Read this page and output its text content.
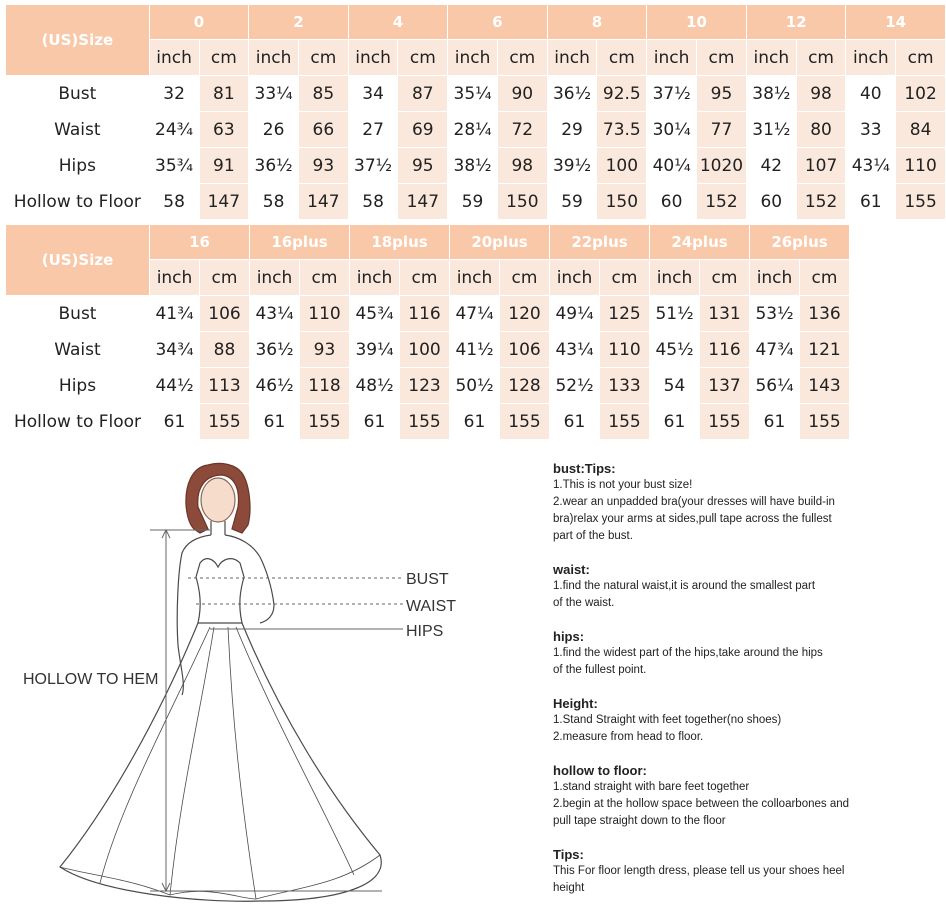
(US)Size	0		2		4		6		8		10		12		14	
	inch	cm	inch	cm	inch	cm	inch	cm	inch	cm	inch	cm	inch	cm	inch	cm
Bust	32	81	33¼	85	34	87	35¼	90	36½	92.5	37½	95	38½	98	40	102
Waist	24¾	63	26	66	27	69	28¼	72	29	73.5	30¼	77	31½	80	33	84
Hips	35¾	91	36½	93	37½	95	38½	98	39½	100	40¼	1020	42	107	43¼	110
Hollow to Floor	58	147	58	147	58	147	59	150	59	150	60	152	60	152	61	155
(US)Size	16		16plus		18plus		20plus		22plus		24plus		26plus	
	inch	cm	inch	cm	inch	cm	inch	cm	inch	cm	inch	cm	inch	cm
Bust	41¾	106	43¼	110	45¾	116	47¼	120	49¼	125	51½	131	53½	136
Waist	34¾	88	36½	93	39¼	100	41½	106	43¼	110	45½	116	47¾	121
Hips	44½	113	46½	118	48½	123	50½	128	52½	133	54	137	56¼	143
Hollow to Floor	61	155	61	155	61	155	61	155	61	155	61	155	61	155
BUST
WAIST
HIPS
HOLLOW TO HEM
bust:Tips:
1.This is not your bust size!
2.wear an unpadded bra(your dresses will have build-in
bra)relax your arms at sides,pull tape across the fullest
part of the bust.
waist:
1.find the natural waist,it is around the smallest part
of the waist.
hips:
1.find the widest part of the hips,take around the hips
of the fullest point.
Height:
1.Stand Straight with feet together(no shoes)
2.measure from head to floor.
hollow to floor:
1.stand straight with bare feet together
2.begin at the hollow space between the colloarbones and
pull tape straight down to the floor
Tips:
This For floor length dress, please tell us your shoes heel
height
